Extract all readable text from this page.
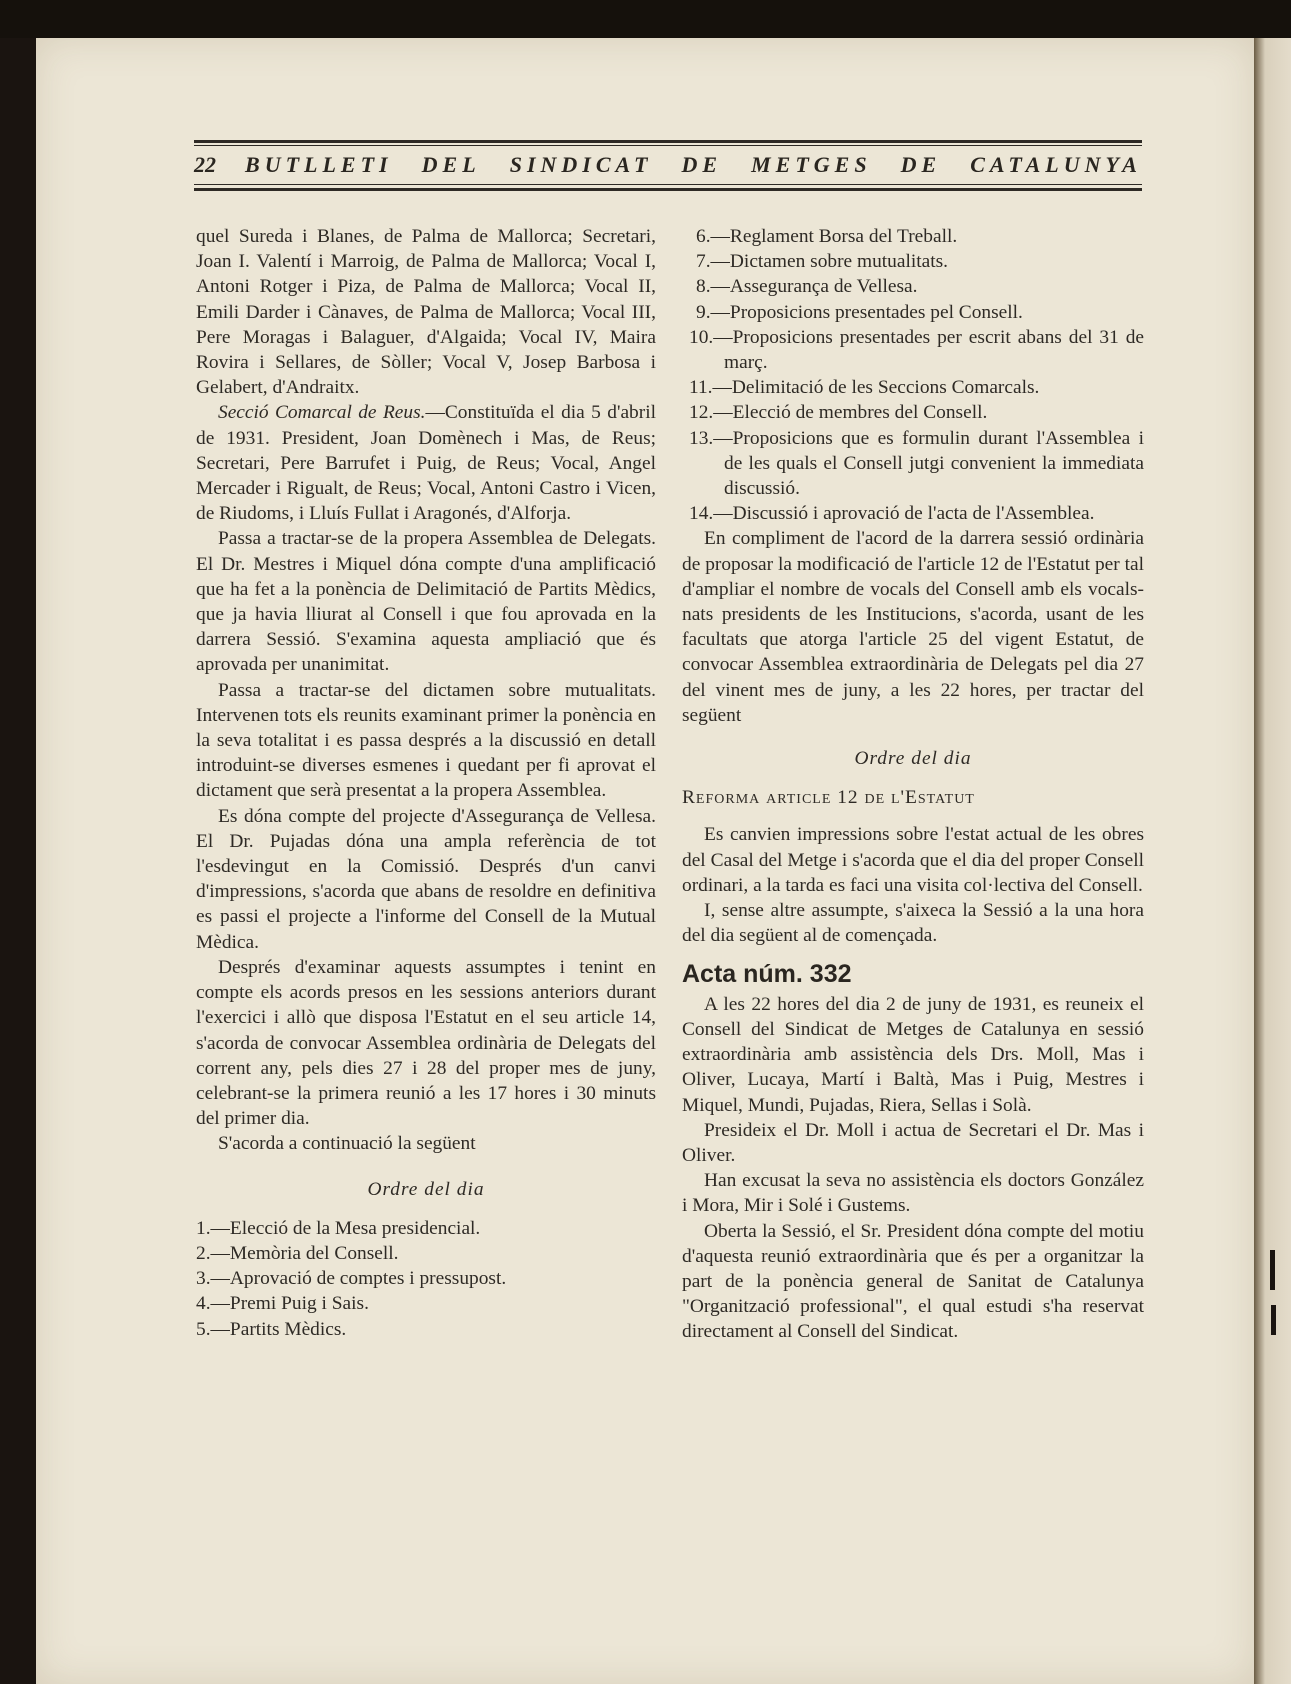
22 BUTLLETI DEL SINDICAT DE METGES DE CATALUNYA

quel Sureda i Blanes, de Palma de Mallorca; Secretari, Joan I. Valentí i Marroig, de Palma de Mallorca; Vocal I, Antoni Rotger i Piza, de Palma de Mallorca; Vocal II, Emili Darder i Cànaves, de Palma de Mallorca; Vocal III, Pere Moragas i Balaguer, d'Algaida; Vocal IV, Maira Rovira i Sellares, de Sòller; Vocal V, Josep Barbosa i Gelabert, d'Andraitx.

Secció Comarcal de Reus.—Constituïda el dia 5 d'abril de 1931. President, Joan Domènech i Mas, de Reus; Secretari, Pere Barrufet i Puig, de Reus; Vocal, Angel Mercader i Rigualt, de Reus; Vocal, Antoni Castro i Vicen, de Riudoms, i Lluís Fullat i Aragonés, d'Alforja.

Passa a tractar-se de la propera Assemblea de Delegats. El Dr. Mestres i Miquel dóna compte d'una amplificació que ha fet a la ponència de Delimitació de Partits Mèdics, que ja havia lliurat al Consell i que fou aprovada en la darrera Sessió. S'examina aquesta ampliació que és aprovada per unanimitat.

Passa a tractar-se del dictamen sobre mutualitats. Intervenen tots els reunits examinant primer la ponència en la seva totalitat i es passa després a la discussió en detall introduint-se diverses esmenes i quedant per fi aprovat el dictament que serà presentat a la propera Assemblea.

Es dóna compte del projecte d'Assegurança de Vellesa. El Dr. Pujadas dóna una ampla referència de tot l'esdevingut en la Comissió. Després d'un canvi d'impressions, s'acorda que abans de resoldre en definitiva es passi el projecte a l'informe del Consell de la Mutual Mèdica.

Després d'examinar aquests assumptes i tenint en compte els acords presos en les sessions anteriors durant l'exercici i allò que disposa l'Estatut en el seu article 14, s'acorda de convocar Assemblea ordinària de Delegats del corrent any, pels dies 27 i 28 del proper mes de juny, celebrant-se la primera reunió a les 17 hores i 30 minuts del primer dia.

S'acorda a continuació la següent

Ordre del dia

1.—Elecció de la Mesa presidencial.

2.—Memòria del Consell.

3.—Aprovació de comptes i pressupost.

4.—Premi Puig i Sais.

5.—Partits Mèdics.

6.—Reglament Borsa del Treball.

7.—Dictamen sobre mutualitats.

8.—Assegurança de Vellesa.

9.—Proposicions presentades pel Consell.

10.—Proposicions presentades per escrit abans del 31 de març.

11.—Delimitació de les Seccions Comarcals.

12.—Elecció de membres del Consell.

13.—Proposicions que es formulin durant l'Assemblea i de les quals el Consell jutgi convenient la immediata discussió.

14.—Discussió i aprovació de l'acta de l'Assemblea.

En compliment de l'acord de la darrera sessió ordinària de proposar la modificació de l'article 12 de l'Estatut per tal d'ampliar el nombre de vocals del Consell amb els vocals-nats presidents de les Institucions, s'acorda, usant de les facultats que atorga l'article 25 del vigent Estatut, de convocar Assemblea extraordinària de Delegats pel dia 27 del vinent mes de juny, a les 22 hores, per tractar del següent

Ordre del dia

Reforma article 12 de l'Estatut

Es canvien impressions sobre l'estat actual de les obres del Casal del Metge i s'acorda que el dia del proper Consell ordinari, a la tarda es faci una visita col·lectiva del Consell.

I, sense altre assumpte, s'aixeca la Sessió a la una hora del dia següent al de començada.

Acta núm. 332

A les 22 hores del dia 2 de juny de 1931, es reuneix el Consell del Sindicat de Metges de Catalunya en sessió extraordinària amb assistència dels Drs. Moll, Mas i Oliver, Lucaya, Martí i Baltà, Mas i Puig, Mestres i Miquel, Mundi, Pujadas, Riera, Sellas i Solà.

Presideix el Dr. Moll i actua de Secretari el Dr. Mas i Oliver.

Han excusat la seva no assistència els doctors González i Mora, Mir i Solé i Gustems.

Oberta la Sessió, el Sr. President dóna compte del motiu d'aquesta reunió extraordinària que és per a organitzar la part de la ponència general de Sanitat de Catalunya "Organització professional", el qual estudi s'ha reservat directament al Consell del Sindicat.
